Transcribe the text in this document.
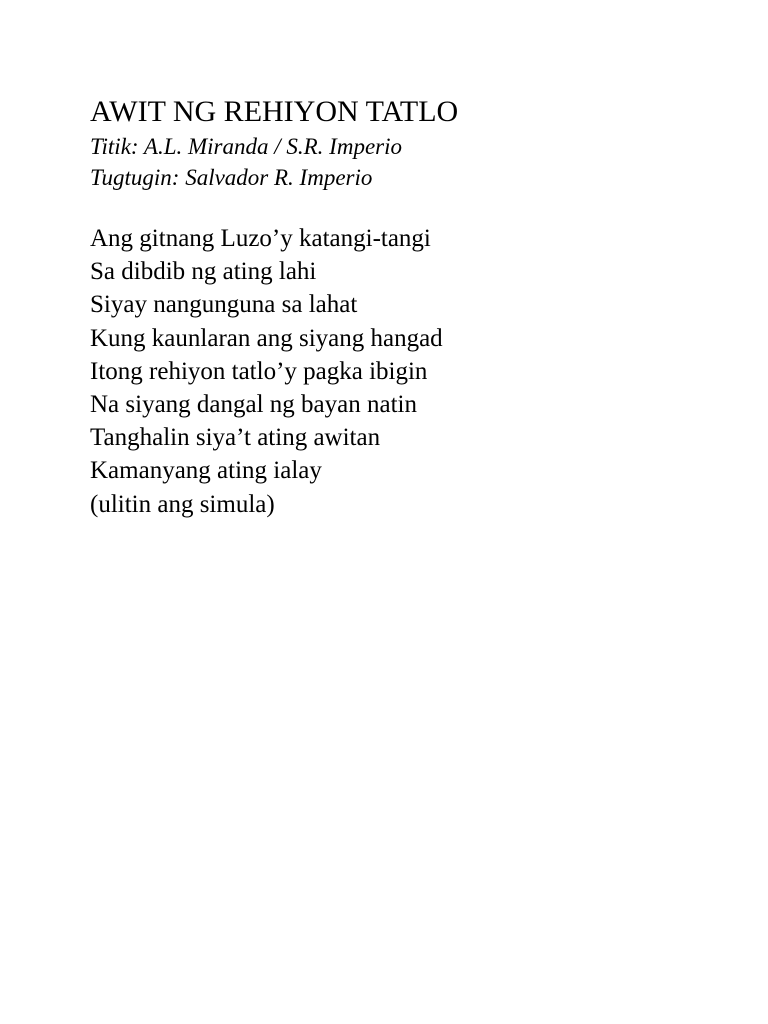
AWIT NG REHIYON TATLO
Titik: A.L. Miranda / S.R. Imperio
Tugtugin: Salvador R. Imperio
Ang gitnang Luzo’y katangi-tangi
Sa dibdib ng ating lahi
Siyay nangunguna sa lahat
Kung kaunlaran ang siyang hangad
Itong rehiyon tatlo’y pagka ibigin
Na siyang dangal ng bayan natin
Tanghalin siya’t ating awitan
Kamanyang ating ialay
(ulitin ang simula)
